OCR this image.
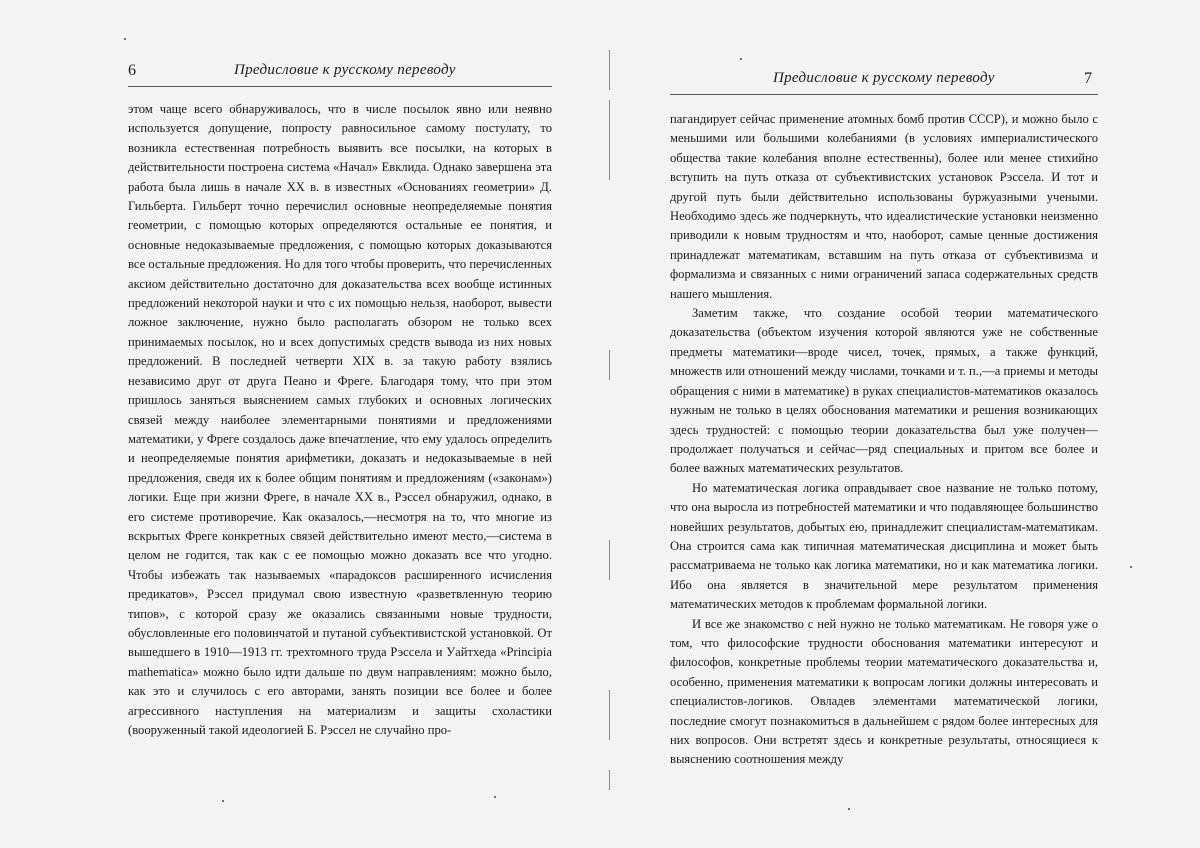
6	Предисловие к русскому переводу

этом чаще всего обнаруживалось, что в числе посылок явно или неявно используется допущение, попросту равносильное самому постулату, то возникла естественная потребность выявить все посылки, на которых в действительности построена система «Начал» Евклида. Однако завершена эта работа была лишь в начале XX в. в известных «Основаниях геометрии» Д. Гильберта. Гильберт точно перечислил основные неопределяемые понятия геометрии, с помощью которых определяются остальные ее понятия, и основные недоказываемые предложения, с помощью которых доказываются все остальные предложения. Но для того чтобы проверить, что перечисленных аксиом действительно достаточно для доказательства всех вообще истинных предложений некоторой науки и что с их помощью нельзя, наоборот, вывести ложное заключение, нужно было располагать обзором не только всех принимаемых посылок, но и всех допустимых средств вывода из них новых предложений. В последней четверти XIX в. за такую работу взялись независимо друг от друга Пеано и Фреге. Благодаря тому, что при этом пришлось заняться выяснением самых глубоких и основных логических связей между наиболее элементарными понятиями и предложениями математики, у Фреге создалось даже впечатление, что ему удалось определить и неопределяемые понятия арифметики, доказать и недоказываемые в ней предложения, сведя их к более общим понятиям и предложениям («законам») логики. Еще при жизни Фреге, в начале XX в., Рэссел обнаружил, однако, в его системе противоречие. Как оказалось,—несмотря на то, что многие из вскрытых Фреге конкретных связей действительно имеют место,—система в целом не годится, так как с ее помощью можно доказать все что угодно. Чтобы избежать так называемых «парадоксов расширенного исчисления предикатов», Рэссел придумал свою известную «разветвленную теорию типов», с которой сразу же оказались связанными новые трудности, обусловленные его половинчатой и путаной субъективистской установкой. От вышедшего в 1910—1913 гг. трехтомного труда Рэссела и Уайтхеда «Principia mathematica» можно было идти дальше по двум направлениям: можно было, как это и случилось с его авторами, занять позиции все более и более агрессивного наступления на материализм и защиты схоластики (вооруженный такой идеологией Б. Рэссел не случайно про-

Предисловие к русскому переводу	7

пагандирует сейчас применение атомных бомб против СССР), и можно было с меньшими или большими колебаниями (в условиях империалистического общества такие колебания вполне естественны), более или менее стихийно вступить на путь отказа от субъективистских установок Рэссела. И тот и другой путь были действительно использованы буржуазными учеными. Необходимо здесь же подчеркнуть, что идеалистические установки неизменно приводили к новым трудностям и что, наоборот, самые ценные достижения принадлежат математикам, вставшим на путь отказа от субъективизма и формализма и связанных с ними ограничений запаса содержательных средств нашего мышления.

Заметим также, что создание особой теории математического доказательства (объектом изучения которой являются уже не собственные предметы математики—вроде чисел, точек, прямых, а также функций, множеств или отношений между числами, точками и т. п.,—а приемы и методы обращения с ними в математике) в руках специалистов-математиков оказалось нужным не только в целях обоснования математики и решения возникающих здесь трудностей: с помощью теории доказательства был уже получен—продолжает получаться и сейчас—ряд специальных и притом все более и более важных математических результатов.

Но математическая логика оправдывает свое название не только потому, что она выросла из потребностей математики и что подавляющее большинство новейших результатов, добытых ею, принадлежит специалистам-математикам. Она строится сама как типичная математическая дисциплина и может быть рассматриваема не только как логика математики, но и как математика логики. Ибо она является в значительной мере результатом применения математических методов к проблемам формальной логики.

И все же знакомство с ней нужно не только математикам. Не говоря уже о том, что философские трудности обоснования математики интересуют и философов, конкретные проблемы теории математического доказательства и, особенно, применения математики к вопросам логики должны интересовать и специалистов-логиков. Овладев элементами математической логики, последние смогут познакомиться в дальнейшем с рядом более интересных для них вопросов. Они встретят здесь и конкретные результаты, относящиеся к выяснению соотношения между
